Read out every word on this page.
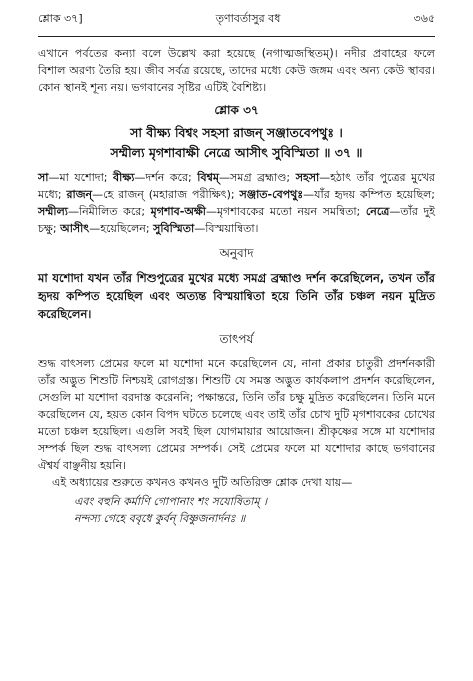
শ্লোক ৩৭]	তৃণাবর্তাসুর বধ	৩৬৫

এখানে পর্বতের কন্যা বলে উল্লেখ করা হয়েছে (নগাত্মজস্থিতম্)। নদীর প্রবাহের ফলে বিশাল অরণ্য তৈরি হয়। জীব সর্বত্র রয়েছে, তাদের মধ্যে কেউ জঙ্গম এবং অন্য কেউ স্থাবর। কোন স্থানই শূন্য নয়। ভগবানের সৃষ্টির এটিই বৈশিষ্ট্য।

শ্লোক ৩৭

সা বীক্ষ্য বিশ্বং সহসা রাজন্ সঞ্জাতবেপথুঃ ।
সম্মীল্য মৃগশাবাক্ষী নেত্রে আসীৎ সুবিস্মিতা ॥ ৩৭ ॥

সা—মা যশোদা; বীক্ষ্য—দর্শন করে; বিশ্বম্—সমগ্র ব্রহ্মাণ্ড; সহসা—হঠাৎ তাঁর পুত্রের মুখের মধ্যে; রাজন্—হে রাজন্ (মহারাজ পরীক্ষিৎ); সঞ্জাত-বেপথুঃ—যাঁর হৃদয় কম্পিত হয়েছিল; সম্মীল্য—নিমীলিত করে; মৃগশাব-অক্ষী—মৃগশাবকের মতো নয়ন সমন্বিতা; নেত্রে—তাঁর দুই চক্ষু; আসীৎ—হয়েছিলেন; সুবিস্মিতা—বিস্ময়ান্বিতা।

অনুবাদ

মা যশোদা যখন তাঁর শিশুপুত্রের মুখের মধ্যে সমগ্র ব্রহ্মাণ্ড দর্শন করেছিলেন, তখন তাঁর হৃদয় কম্পিত হয়েছিল এবং অত্যন্ত বিস্ময়ান্বিতা হয়ে তিনি তাঁর চঞ্চল নয়ন মুদ্রিত করেছিলেন।

তাৎপর্য

শুদ্ধ বাৎসল্য প্রেমের ফলে মা যশোদা মনে করেছিলেন যে, নানা প্রকার চাতুরী প্রদর্শনকারী তাঁর অদ্ভুত শিশুটি নিশ্চয়ই রোগগ্রস্ত। শিশুটি যে সমস্ত অদ্ভুত কার্যকলাপ প্রদর্শন করেছিলেন, সেগুলি মা যশোদা বরদাস্ত করেননি; পক্ষান্তরে, তিনি তাঁর চক্ষু মুদ্রিত করেছিলেন। তিনি মনে করেছিলেন যে, হয়ত কোন বিপদ ঘটতে চলেছে এবং তাই তাঁর চোখ দুটি মৃগশাবকের চোখের মতো চঞ্চল হয়েছিল। এগুলি সবই ছিল যোগমায়ার আয়োজন। শ্রীকৃষ্ণের সঙ্গে মা যশোদার সম্পর্ক ছিল শুদ্ধ বাৎসল্য প্রেমের সম্পর্ক। সেই প্রেমের ফলে মা যশোদার কাছে ভগবানের ঐশ্বর্য বাঞ্ছনীয় হয়নি।

এই অধ্যায়ের শুরুতে কখনও কখনও দুটি অতিরিক্ত শ্লোক দেখা যায়—

এবং বহুনি কর্মাণি গোপানাং শং সযোষিতাম্ ।
নন্দস্য গেহে ববৃধে কুর্বন্ বিষ্ণুজনার্দনঃ ॥
